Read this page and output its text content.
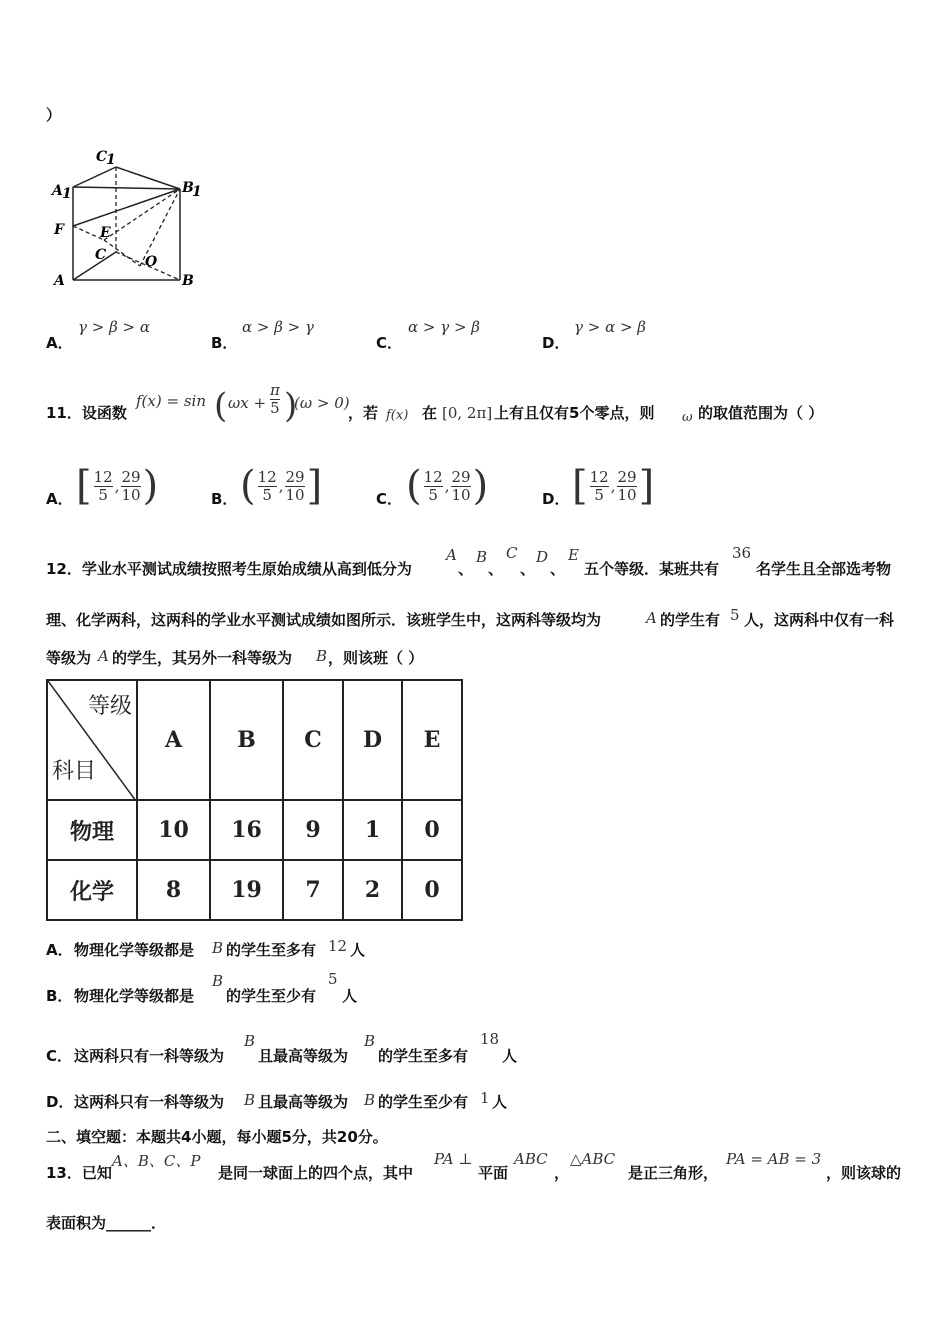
）
C
1
A 1	B
1
F	E
C	O
A	B
A．
γ > β > α
B．
α > β > γ
C．
α > γ > β
D．
γ > α > β
11．设函数
f(x) = sin ( $\omega x + \frac{\pi}{5}$ )
(ω > 0)
，若 f(x) 在 [0, 2π] 上有且仅有5个零点，则 ω 的取值范围为（ ）
A． [ $\frac{12}{5}$ , $\frac{29}{10}$ )	B． ( $\frac{12}{5}$ , $\frac{29}{10}$ ]	C． ( $\frac{12}{5}$ , $\frac{29}{10}$ )	D． [ $\frac{12}{5}$ , $\frac{29}{10}$ ]
12．学业水平测试成绩按照考生原始成绩从高到低分为
A
、
B
、
C
、
D
、
E
五个等级．某班共有
36
名学生且全部选考物
理、化学两科，这两科的学业水平测试成绩如图所示．该班学生中，这两科等级均为	A 的学生有 5 人，这两科中仅有一科
等级为 A 的学生，其另外一科等级为 B ，则该班（ ）
等级
科目	A	B	C	D	E
物理	10	16	9	1	0
化学	8	19	7	2	0
A． 物理化学等级都是 B 的学生至多有 12 人
B． 物理化学等级都是
B
的学生至少有
5
人
C． 这两科只有一科等级为
B
且最高等级为
B
的学生至多有
18
人
D． 这两科只有一科等级为 B 且最高等级为 B 的学生至少有 1 人
二、填空题：本题共4小题，每小题5分，共20分。
13．已知
A、B、C、P
是同一球面上的四个点，其中
PA ⊥
平面
ABC
，
△ABC
是正三角形，
PA = AB = 3
，则该球的
表面积为______．
